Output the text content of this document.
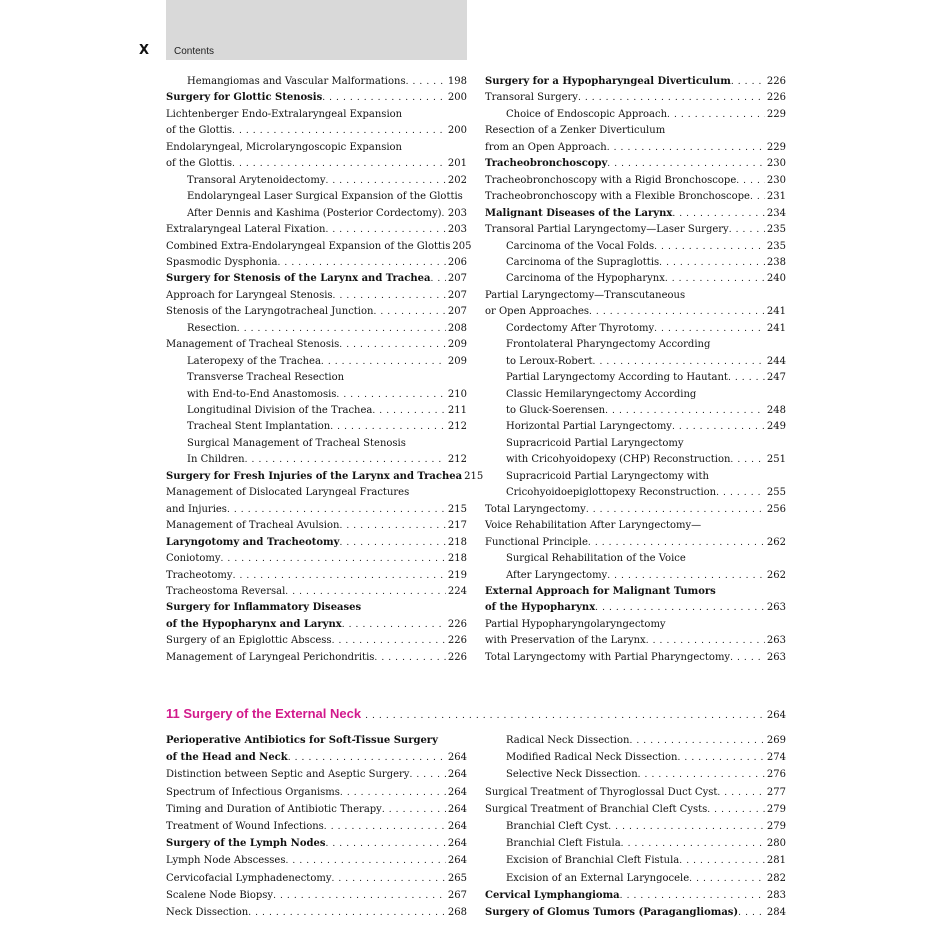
X Contents
Hemangiomas and Vascular Malformations . . .	198
Surgery for Glottic Stenosis . . .	200
Lichtenberger Endo-Extralaryngeal Expansion
of the Glottis . . .	200
Endolaryngeal, Microlaryngoscopic Expansion
of the Glottis . . .	201
Transoral Arytenoidectomy . . .	202
Endolaryngeal Laser Surgical Expansion of the Glottis
After Dennis and Kashima (Posterior Cordectomy) . . . 203
Extralaryngeal Lateral Fixation . . .	203
Combined Extra-Endolaryngeal Expansion of the Glottis 205
Spasmodic Dysphonia . . .	206
Surgery for Stenosis of the Larynx and Trachea . . . 207
Approach for Laryngeal Stenosis . . .	207
Stenosis of the Laryngotracheal Junction . . .	207
Resection . . .	208
Management of Tracheal Stenosis . . .	209
Lateropexy of the Trachea . . .	209
Transverse Tracheal Resection
with End-to-End Anastomosis . . .	210
Longitudinal Division of the Trachea . . .	211
Tracheal Stent Implantation . . .	212
Surgical Management of Tracheal Stenosis
In Children . . .	212
Surgery for Fresh Injuries of the Larynx and Trachea 215
Management of Dislocated Laryngeal Fractures
and Injuries . . .	215
Management of Tracheal Avulsion . . .	217
Laryngotomy and Tracheotomy . . .	218
Coniotomy . . .	218
Tracheotomy . . .	219
Tracheostoma Reversal . . .	224
Surgery for Inflammatory Diseases
of the Hypopharynx and Larynx . . .	226
Surgery of an Epiglottic Abscess . . .	226
Management of Laryngeal Perichondritis . . .	226
Surgery for a Hypopharyngeal Diverticulum . . .	226
Transoral Surgery . . .	226
Choice of Endoscopic Approach . . .	229
Resection of a Zenker Diverticulum
from an Open Approach . . .	229
Tracheobronchoscopy . . .	230
Tracheobronchoscopy with a Rigid Bronchoscope . . .	230
Tracheobronchoscopy with a Flexible Bronchoscope . . . 231
Malignant Diseases of the Larynx . . .	234
Transoral Partial Laryngectomy—Laser Surgery . . .	235
Carcinoma of the Vocal Folds . . .	235
Carcinoma of the Supraglottis . . .	238
Carcinoma of the Hypopharynx . . .	240
Partial Laryngectomy—Transcutaneous
or Open Approaches . . .	241
Cordectomy After Thyrotomy . . .	241
Frontolateral Pharyngectomy According
to Leroux-Robert . . .	244
Partial Laryngectomy According to Hautant . . .	247
Classic Hemilaryngectomy According
to Gluck-Soerensen . . .	248
Horizontal Partial Laryngectomy . . .	249
Supracricoid Partial Laryngectomy
with Cricohyoidopexy (CHP) Reconstruction . . .	251
Supracricoid Partial Laryngectomy with
Cricohyoidoepiglottopexy Reconstruction . . .	255
Total Laryngectomy . . .	256
Voice Rehabilitation After Laryngectomy—
Functional Principle . . .	262
Surgical Rehabilitation of the Voice
After Laryngectomy . . .	262
External Approach for Malignant Tumors
of the Hypopharynx . . .	263
Partial Hypopharyngolaryngectomy
with Preservation of the Larynx . . .	263
Total Laryngectomy with Partial Pharyngectomy . . .	263
11 Surgery of the External Neck . . .	264
Perioperative Antibiotics for Soft-Tissue Surgery
of the Head and Neck . . .	264
Distinction between Septic and Aseptic Surgery . . .	264
Spectrum of Infectious Organisms . . .	264
Timing and Duration of Antibiotic Therapy . . .	264
Treatment of Wound Infections . . .	264
Surgery of the Lymph Nodes . . .	264
Lymph Node Abscesses . . .	264
Cervicofacial Lymphadenectomy . . .	265
Scalene Node Biopsy . . .	267
Neck Dissection . . .	268
Radical Neck Dissection . . .	269
Modified Radical Neck Dissection . . .	274
Selective Neck Dissection . . .	276
Surgical Treatment of Thyroglossal Duct Cyst . . .	277
Surgical Treatment of Branchial Cleft Cysts . . .	279
Branchial Cleft Cyst . . .	279
Branchial Cleft Fistula . . .	280
Excision of Branchial Cleft Fistula . . .	281
Excision of an External Laryngocele . . .	282
Cervical Lymphangioma . . .	283
Surgery of Glomus Tumors (Paragangliomas) . . .	284
